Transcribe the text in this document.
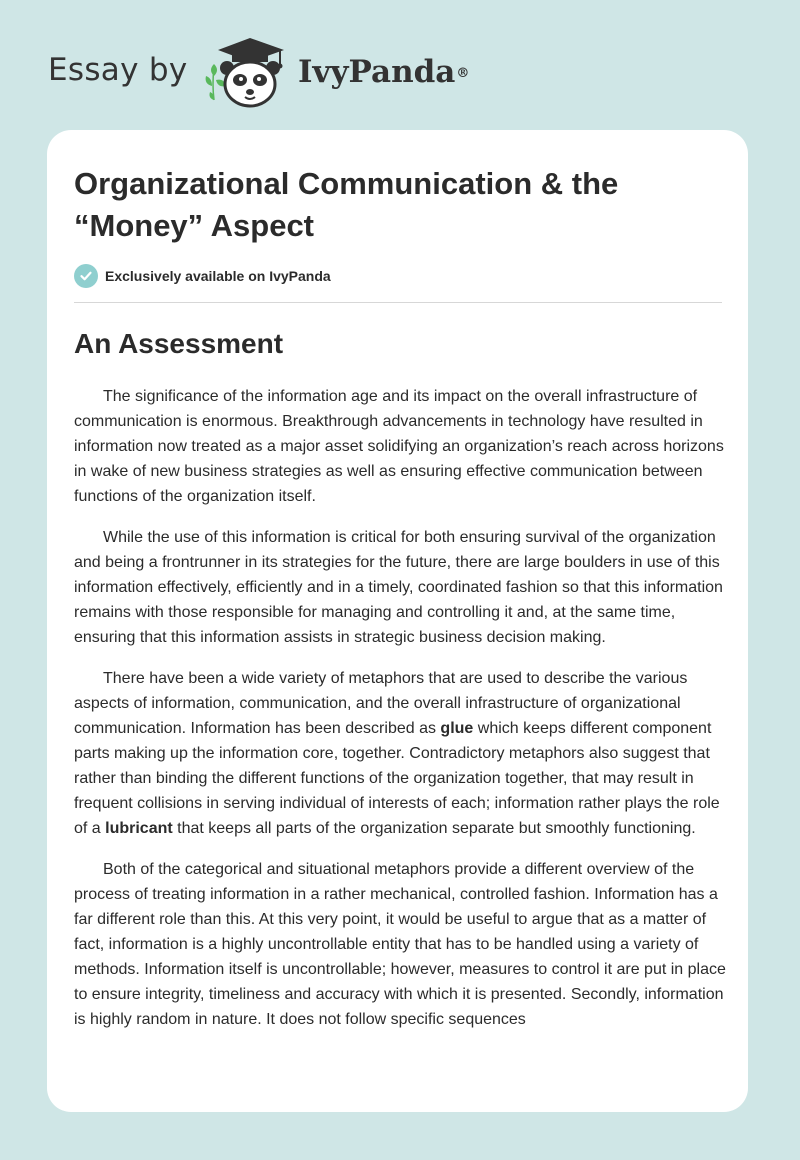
Essay by	IvyPanda®
Organizational Communication & the “Money” Aspect
Exclusively available on IvyPanda
An Assessment

The significance of the information age and its impact on the overall infrastructure of communication is enormous. Breakthrough advancements in technology have resulted in information now treated as a major asset solidifying an organization’s reach across horizons in wake of new business strategies as well as ensuring effective communication between functions of the organization itself.

While the use of this information is critical for both ensuring survival of the organization and being a frontrunner in its strategies for the future, there are large boulders in use of this information effectively, efficiently and in a timely, coordinated fashion so that this information remains with those responsible for managing and controlling it and, at the same time, ensuring that this information assists in strategic business decision making.

There have been a wide variety of metaphors that are used to describe the various aspects of information, communication, and the overall infrastructure of organizational communication. Information has been described as glue which keeps different component parts making up the information core, together. Contradictory metaphors also suggest that rather than binding the different functions of the organization together, that may result in frequent collisions in serving individual of interests of each; information rather plays the role of a lubricant that keeps all parts of the organization separate but smoothly functioning.

Both of the categorical and situational metaphors provide a different overview of the process of treating information in a rather mechanical, controlled fashion. Information has a far different role than this. At this very point, it would be useful to argue that as a matter of fact, information is a highly uncontrollable entity that has to be handled using a variety of methods. Information itself is uncontrollable; however, measures to control it are put in place to ensure integrity, timeliness and accuracy with which it is presented. Secondly, information is highly random in nature. It does not follow specific sequences
